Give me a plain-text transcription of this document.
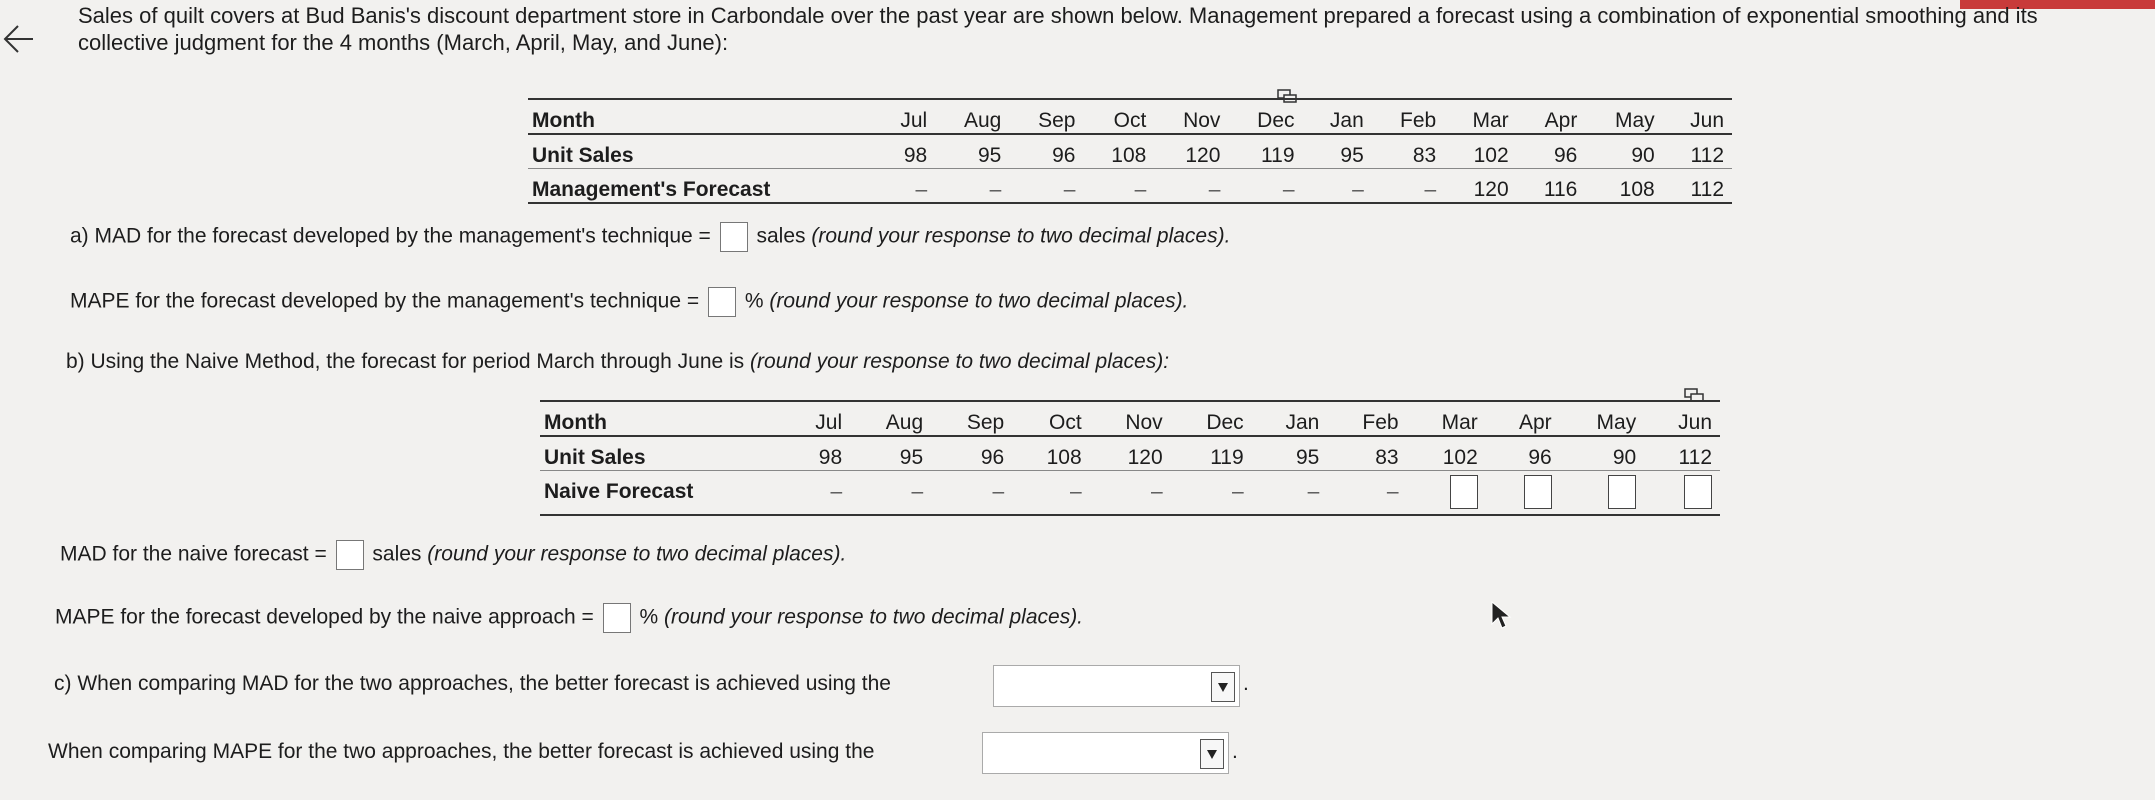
Sales of quilt covers at Bud Banis's discount department store in Carbondale over the past year are shown below. Management prepared a forecast using a combination of exponential smoothing and its collective judgment for the 4 months (March, April, May, and June):
Month	Jul	Aug	Sep	Oct	Nov	Dec	Jan	Feb	Mar	Apr	May	Jun
Unit Sales	98	95	96	108	120	119	95	83	102	96	90	112
Management's Forecast	–	–	–	–	–	–	–	–	120	116	108	112
a) MAD for the forecast developed by the management's technique = sales (round your response to two decimal places).
MAPE for the forecast developed by the management's technique = % (round your response to two decimal places).
b) Using the Naive Method, the forecast for period March through June is (round your response to two decimal places):
Month	Jul	Aug	Sep	Oct	Nov	Dec	Jan	Feb	Mar	Apr	May	Jun
Unit Sales	98	95	96	108	120	119	95	83	102	96	90	112
Naive Forecast	–	–	–	–	–	–	–	–				
MAD for the naive forecast = sales (round your response to two decimal places).
MAPE for the forecast developed by the naive approach = % (round your response to two decimal places).
c) When comparing MAD for the two approaches, the better forecast is achieved using the	.
When comparing MAPE for the two approaches, the better forecast is achieved using the	.
